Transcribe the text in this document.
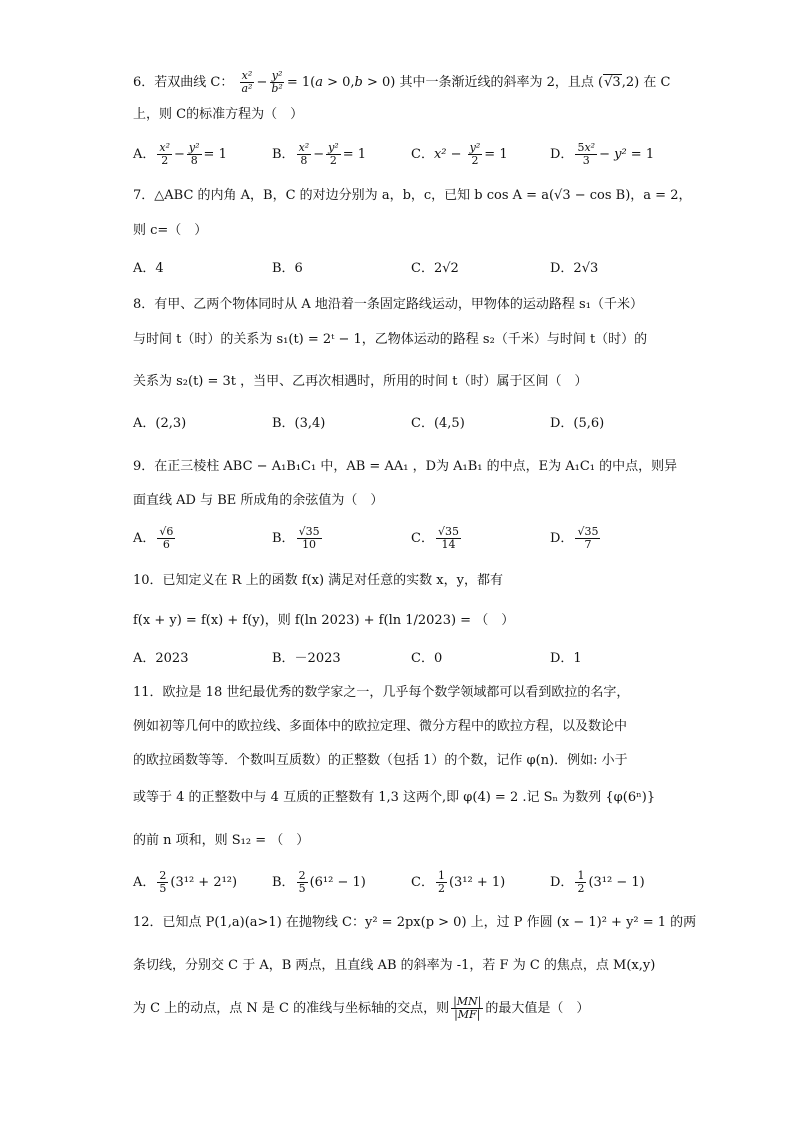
6．若双曲线 C： $\frac{\text{x²}}{\text{a²}} - \frac{\text{y²}}{\text{b²}} = 1(a > 0,b > 0)$ 其中一条渐近线的斜率为 2，且点 (√3,2) 在 C
上，则 C的标准方程为（　）
A． $\frac{\text{x²}}{2} - \frac{\text{y²}}{8} = 1$	B． $\frac{\text{x²}}{8} - \frac{\text{y²}}{2} = 1$	C．$x^2 - \frac{\text{y²}}{2} = 1$	D． $\frac{\text{5x²}}{3} - y^2 = 1$
7．△ABC 的内角 A，B，C 的对边分别为 a，b，c，已知 b cos A = a(√3 − cos B)，a = 2，
则 c=（　）
A．4	B．6	C．2√2	D．2√3
8．有甲、乙两个物体同时从 A 地沿着一条固定路线运动，甲物体的运动路程 s₁（千米）
与时间 t（时）的关系为 s₁(t) = 2ᵗ − 1，乙物体运动的路程 s₂（千米）与时间 t（时）的
关系为 s₂(t) = 3t ，当甲、乙再次相遇时，所用的时间 t（时）属于区间（　）
A．(2,3)	B．(3,4)	C．(4,5)	D．(5,6)
9．在正三棱柱 ABC − A₁B₁C₁ 中，AB = AA₁ ，D为 A₁B₁ 的中点，E为 A₁C₁ 的中点，则异
面直线 AD 与 BE 所成角的余弦值为（　）
A． $\frac{√6}{6}$	B． $\frac{√35}{10}$	C． $\frac{√35}{14}$	D． $\frac{√35}{7}$
10．已知定义在 R 上的函数 f(x) 满足对任意的实数 x，y，都有
f(x + y) = f(x) + f(y)，则 f(ln 2023) + f(ln 1/2023) = （　）
A．2023	B．－2023	C．0	D．1
11．欧拉是 18 世纪最优秀的数学家之一，几乎每个数学领域都可以看到欧拉的名字，
例如初等几何中的欧拉线、多面体中的欧拉定理、微分方程中的欧拉方程，以及数论中
的欧拉函数等等．个数叫互质数）的正整数（包括 1）的个数，记作 φ(n)．例如: 小于
或等于 4 的正整数中与 4 互质的正整数有 1,3 这两个,即 φ(4) = 2 .记 Sₙ 为数列 {φ(6ⁿ)}
的前 n 项和，则 S₁₂ = （　）
A． $\frac{2}{5} (3^{12} + 2^{12})$	B． $\frac{2}{5} (6^{12} - 1)$	C． $\frac{1}{2} (3^{12} + 1)$	D． $\frac{1}{2} (3^{12} - 1)$
12．已知点 P(1,a)(a>1) 在抛物线 C：y² = 2px(p > 0) 上，过 P 作圆 (x − 1)² + y² = 1 的两
条切线，分别交 C 于 A，B 两点，且直线 AB 的斜率为 -1，若 F 为 C 的焦点，点 M(x,y)
为 C 上的动点，点 N 是 C 的准线与坐标轴的交点，则 $\frac{|MN|}{|MF|}$ 的最大值是（　）
